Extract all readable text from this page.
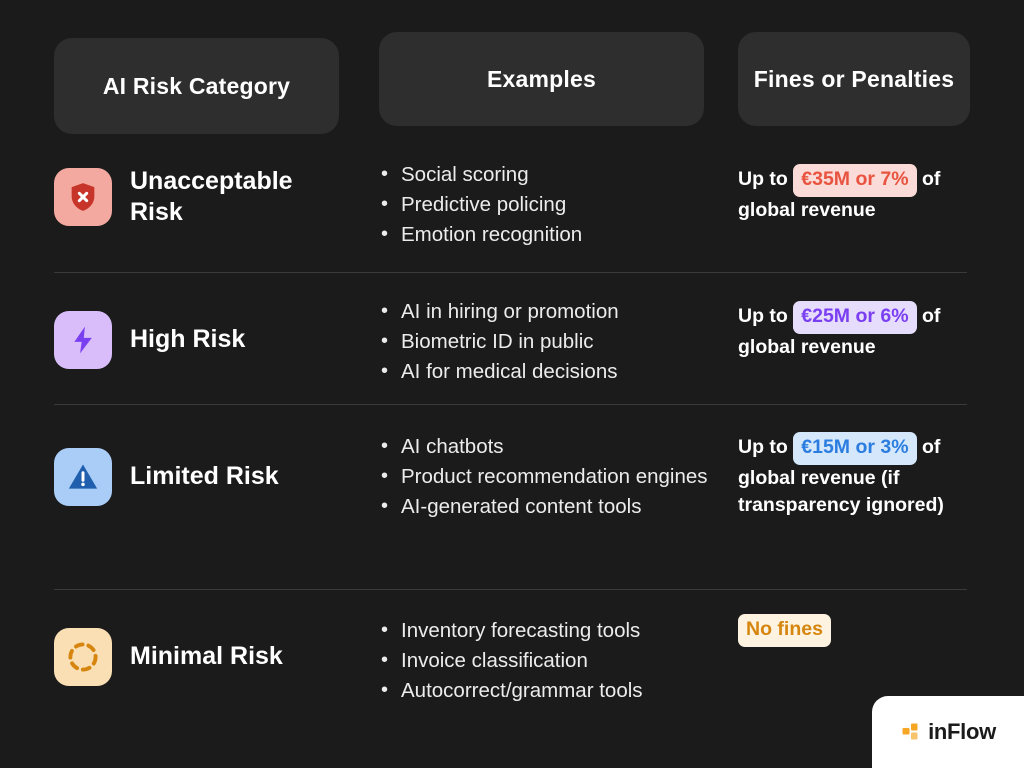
AI Risk Category	Examples	Fines or Penalties
Unacceptable Risk
• Social scoring
• Predictive policing
• Emotion recognition
Up to €35M or 7% of global revenue
High Risk
• AI in hiring or promotion
• Biometric ID in public
• AI for medical decisions
Up to €25M or 6% of global revenue
Limited Risk
• AI chatbots
• Product recommendation engines
• AI-generated content tools
Up to €15M or 3% of global revenue (if transparency ignored)
Minimal Risk
• Inventory forecasting tools
• Invoice classification
• Autocorrect/grammar tools
No fines
inFlow
